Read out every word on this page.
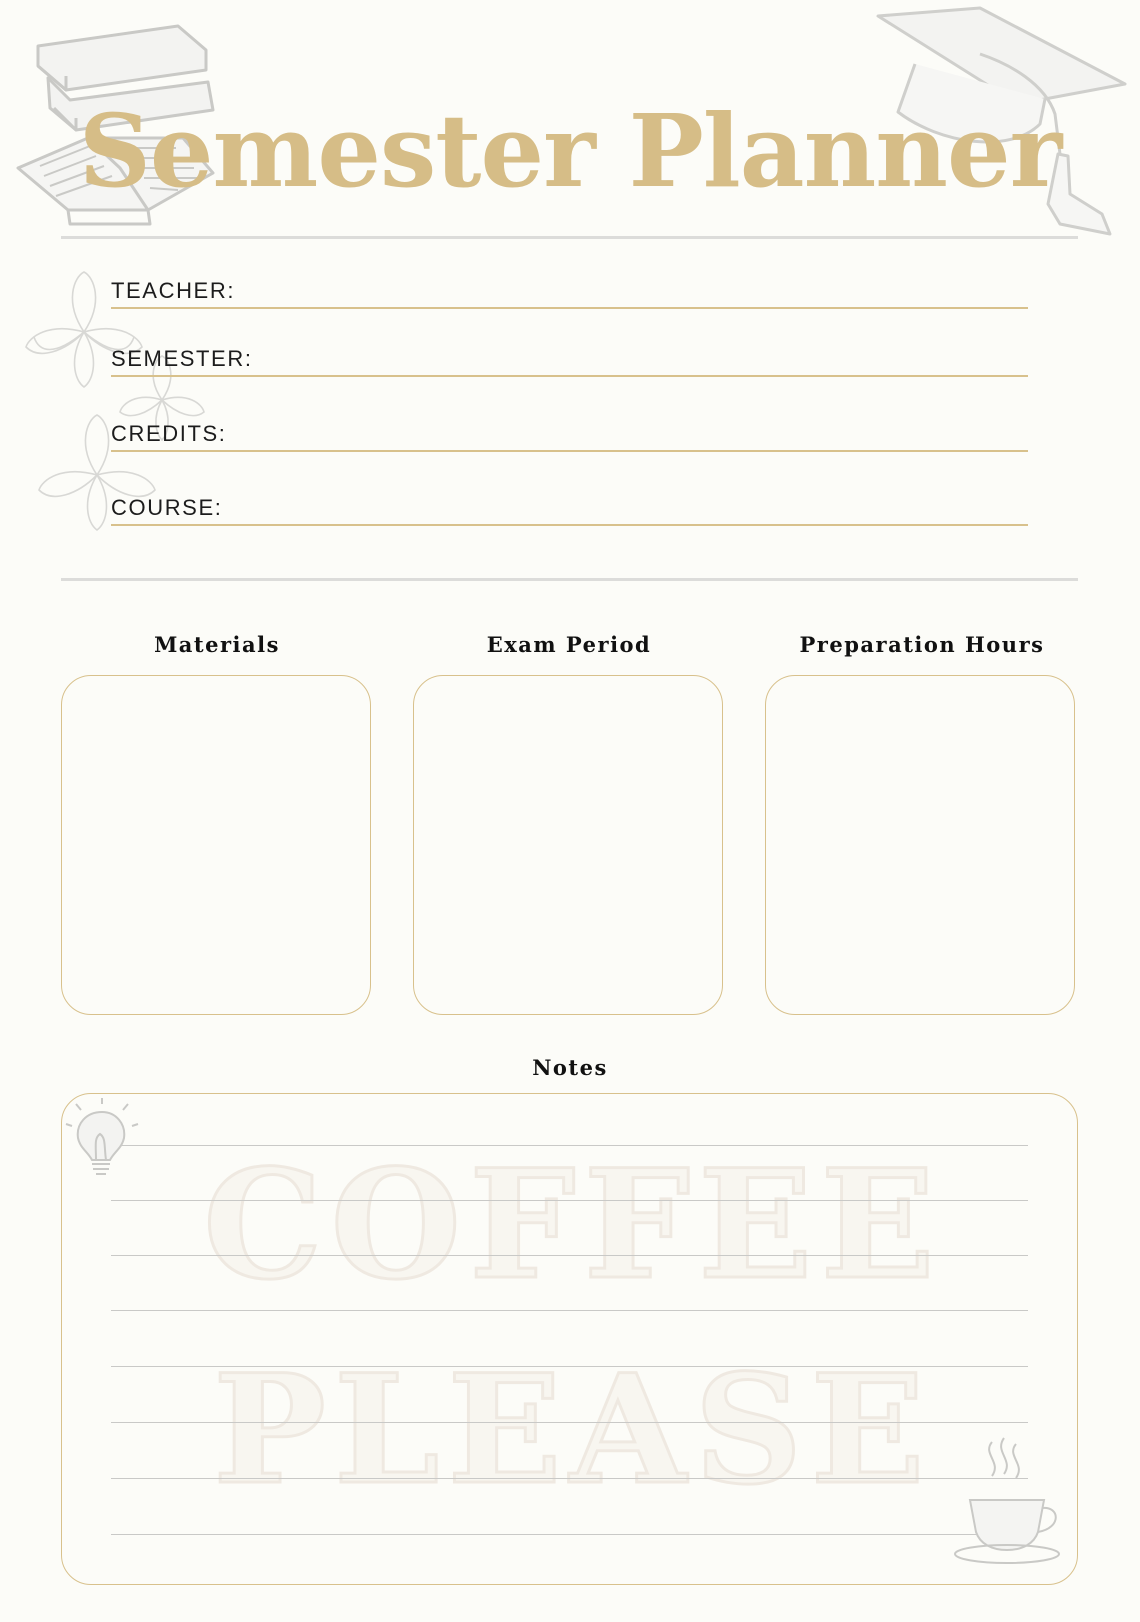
Semester Planner
TEACHER:
SEMESTER:
CREDITS:
COURSE:
Materials	Exam Period	Preparation Hours
Notes
COFFEE
PLEASE
